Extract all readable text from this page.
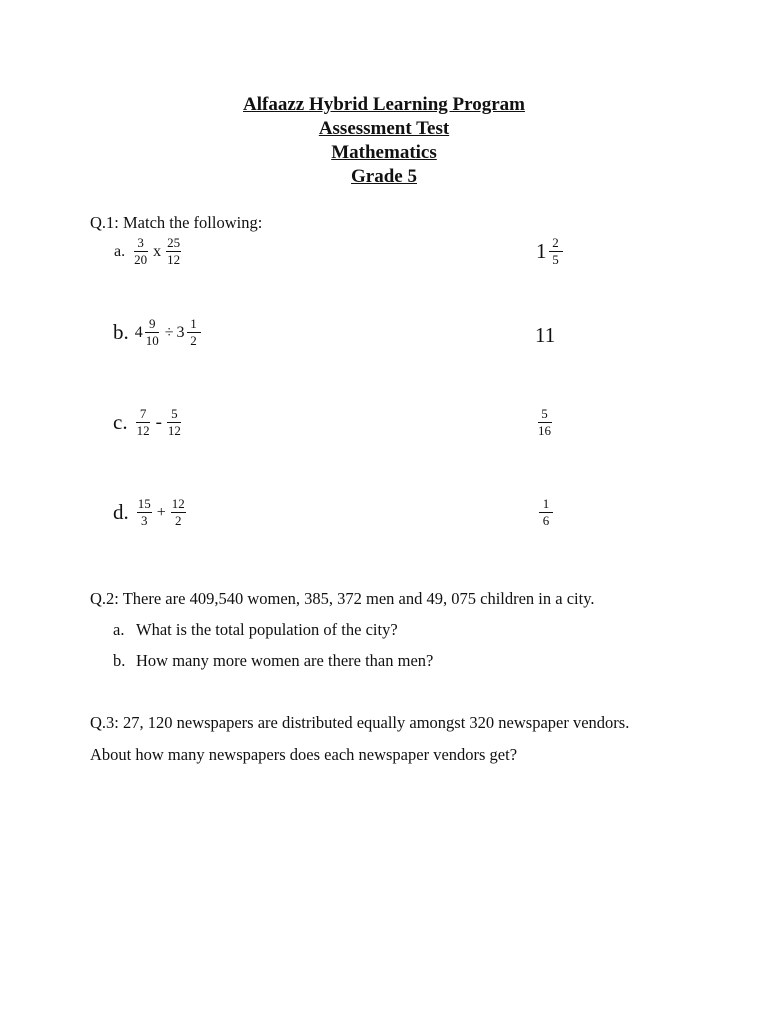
Alfaazz Hybrid Learning Program
Assessment Test
Mathematics
Grade 5
Q.1: Match the following:
a. $\frac{3}{20}$ x $\frac{25}{12}$	$1 \frac{2}{5}$
b. $4 \frac{9}{10} \div 3 \frac{1}{2}$	11
c. $\frac{7}{12} - \frac{5}{12}$	$\frac{5}{16}$
d. $\frac{15}{3} + \frac{12}{2}$	$\frac{1}{6}$
Q.2: There are 409,540 women, 385, 372 men and 49, 075 children in a city.
a. What is the total population of the city?
b. How many more women are there than men?
Q.3: 27, 120 newspapers are distributed equally amongst 320 newspaper vendors.
About how many newspapers does each newspaper vendors get?
